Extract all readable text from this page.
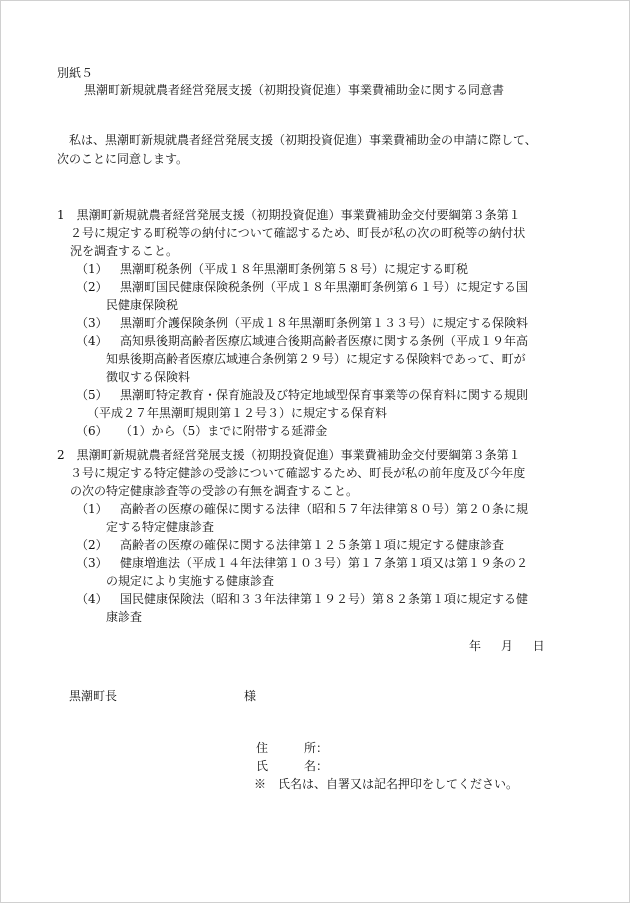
別紙５
黒潮町新規就農者経営発展支援（初期投資促進）事業費補助金に関する同意書
私は、黒潮町新規就農者経営発展支援（初期投資促進）事業費補助金の申請に際して、
次のことに同意します。
1　黒潮町新規就農者経営発展支援（初期投資促進）事業費補助金交付要綱第３条第１
２号に規定する町税等の納付について確認するため、町長が私の次の町税等の納付状
況を調査すること。
（1） 黒潮町税条例（平成１８年黒潮町条例第５８号）に規定する町税
（2） 黒潮町国民健康保険税条例（平成１８年黒潮町条例第６１号）に規定する国
民健康保険税
（3） 黒潮町介護保険条例（平成１８年黒潮町条例第１３３号）に規定する保険料
（4） 高知県後期高齢者医療広域連合後期高齢者医療に関する条例（平成１９年高
知県後期高齢者医療広域連合条例第２９号）に規定する保険料であって、町が
徴収する保険料
（5） 黒潮町特定教育・保育施設及び特定地域型保育事業等の保育料に関する規則
（平成２７年黒潮町規則第１２号３）に規定する保育料
（6） （1）から（5）までに附帯する延滞金
2　黒潮町新規就農者経営発展支援（初期投資促進）事業費補助金交付要綱第３条第１
３号に規定する特定健診の受診について確認するため、町長が私の前年度及び今年度
の次の特定健康診査等の受診の有無を調査すること。
（1） 高齢者の医療の確保に関する法律（昭和５７年法律第８０号）第２０条に規
定する特定健康診査
（2） 高齢者の医療の確保に関する法律第１２５条第１項に規定する健康診査
（3） 健康増進法（平成１４年法律第１０３号）第１７条第１項又は第１９条の２
の規定により実施する健康診査
（4） 国民健康保険法（昭和３３年法律第１９２号）第８２条第１項に規定する健
康診査
年 月 日
黒潮町長	様
住　　　所：
氏　　　名：
※　氏名は、自署又は記名押印をしてください。
